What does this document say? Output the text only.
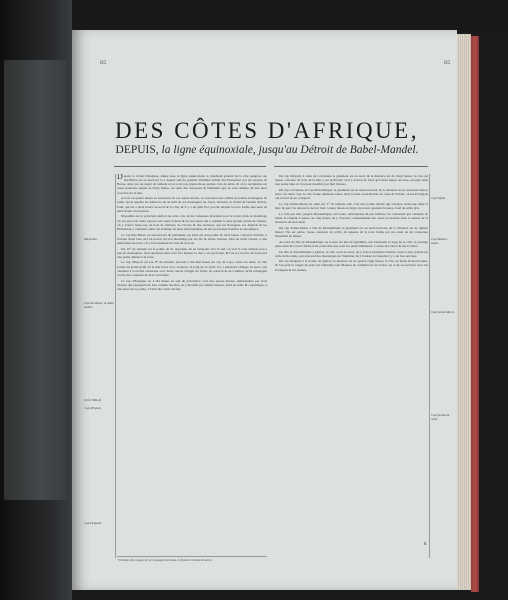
65	65
DES CÔTES D'AFRIQUE,
DEPUIS, la ligne équinoxiale, jusqu'au Détroit de Babel-Mandel.

Depuis la rivière Danjique, située sous la ligne équinoxiale, le gisement général de la côte jusqu'au cap Ste-Barbe est au nord-est ¼ à degrés sud du premier méridien habité des Européens par les Açores, & Borne, situé par un degré de latitude nord, n'est pas grand-chose qu'une côte de sable, & où la navigation est assez heureuse depuis la Falsa Marie, au salut des vaisseaux & bâtiments que le vent ramène, & une terre couverte de la mer.

A trois ou quatre lieues au sud-ouest de ces quatre monts, on rencontre une chaîne de petites montagnes de sable, qu'on appelle les Amorces, & au-delà de ces montagnes les Jazos, Alcanza, la rivière & l'entrée du bas-fond, qui est à deux lieues au nord de la côte, & il y a un petit îlot, proche duquel la terre forme une anse de deux lieues d'ouverture.

Mayamba est le principal endroit de cette côte où les vaisseaux abordent pour la traite; mais le mouillage n'y est pas bon, étant exposé aux vents d'ouest & de sud-ouest qui y règnent la plus grande partie de l'année; on y trouve beaucoup de bois de teinture, de l'ivoire & des esclaves, que les Portugais, les Anglois & les Hollandois y viennent traiter en échange de leurs marchandises, & des provisions fraîches en abondance.

Le cap Des Bains, au sud-sud-est du précédent, est situé sur une pointe de terre basse, couverte d'arbres, à l'entrée d'une baie où l'on trouve un bon mouillage par les dix & douze brasses, fond de sable vaseux, à une demi-lieue de terre; on y fait aisément de l'eau & du bois.

Par 10° de latitude est la pointe de St. Agostino, & en avançant vers le sud, on voit la côte s'élever peu à peu en montagnes, dont quelques-unes sont fort hautes; la mer y est profonde, & l'on n'y trouve de fond qu'à une petite distance de terre.

Le cap d'Espoir est par 9° de latitude, environ à dix-huit lieues du cap de Lopo; entre les deux, la côte forme un grand golfe où la mer brise avec violence; le long de ce golfe il y a plusieurs villages de noirs, qui viennent à bord des vaisseaux avec leurs canots chargés de fruits, de poisson & de volailles qu'ils échangent contre des couteaux & de la verroterie.

Le cap d'Espagne est à dix lieues au sud du précédent; c'est une pointe élevée, remarquable par trois mornes qui paraissent de loin comme des îles; on y mouille par quinze brasses, fond de sable & coquillages, à une lieue de la pointe, à l'abri des vents du sud.

Du cap Delgado à celui de Corrientes le gisement est au nord, & la distance est de vingt lieues; la côte est basse, couverte de bois, & la mer y est profonde; on n'y trouve de fond qu'à deux lieues de terre, excepté dans une petite baie où l'on peut mouiller par huit brasses.

Du cap Corrientes au cap Mozambique, le gisement est au nord-nord-est, & la distance est de quarante lieues; entre ces deux caps la côte forme plusieurs baies, dont la plus considérable est celle de Sofala, où les Portugais ont un fort & un comptoir.

Le cap Sainte-Marie est situé par 5° de latitude sud; c'est une pointe élevée qui s'avance beaucoup dans la mer, & que l'on découvre de fort loin; à deux lieues au large on trouve quarante brasses, fond de sable gris.

La côte qui suit, jusqu'à Mozambique, est basse, sablonneuse & peu habitée; les vaisseaux qui viennent de l'Inde la rangent à quatre ou cinq lieues, & y trouvent ordinairement des vents favorables dans la saison de la mousson du sud-ouest.

Du cap Sainte-Marie à l'île de Mozambique le gisement est au nord-nord-est, & la distance est de quinze lieues; l'île est petite, basse, entourée de récifs, & séparée de la terre ferme par un canal où les vaisseaux mouillent en sûreté.

Au nord de l'île de Mozambique on trouve les îles de Quirimba, qui s'étendent le long de la côte; le passage entre elles & la terre ferme n'est praticable que pour les petits bâtiments, à cause des bancs & des rochers.

De l'île de Mozambique à Quiloa, la côte court au nord; on y trouve plusieurs rivières, dont la plus grande est celle de Rovuma, qui descend des montagnes de l'intérieur, & à l'entrée de laquelle il y a un bon ancrage.

Du cap Delgado à la rivière de Quiloa, la distance est de quatre-vingt lieues; la côte est haute & bien boisée, & l'on peut la ranger de près; les habitants sont Maures, & commercent en ivoire, en or & en esclaves avec les Portugais & les Arabes.

Mayamba.
Cap des Bains, & Adan Gallés.
Serret Bâb-di.
Cap d'Espoir.
Cap Delgado.
Cap Sofala.
Cap Mozam-bique.
Cap Sainte-Marie.
Cap Quiloa & nord.
R
* Extraites des voyages de la Compagnie des Indes, le Neptune Oriental & autres.
